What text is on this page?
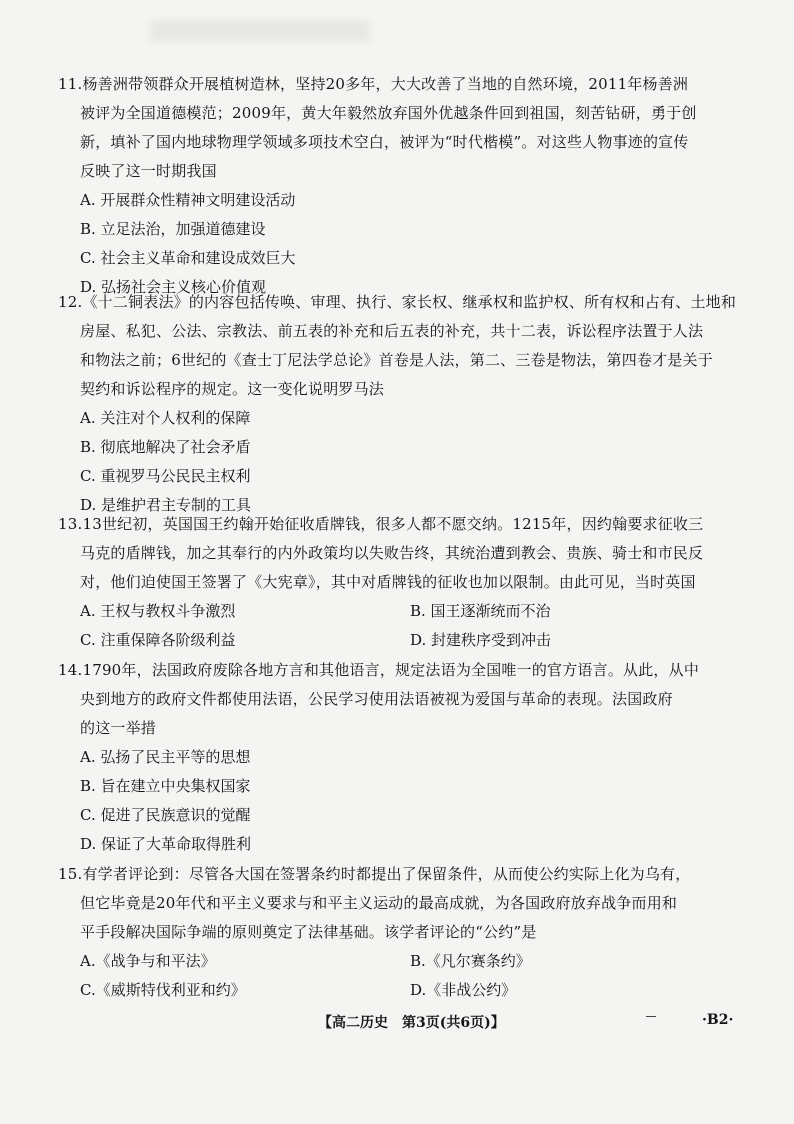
11.杨善洲带领群众开展植树造林，坚持20多年，大大改善了当地的自然环境，2011年杨善洲
被评为全国道德模范；2009年，黄大年毅然放弃国外优越条件回到祖国，刻苦钻研，勇于创
新，填补了国内地球物理学领域多项技术空白，被评为“时代楷模”。对这些人物事迹的宣传
反映了这一时期我国
A. 开展群众性精神文明建设活动
B. 立足法治，加强道德建设
C. 社会主义革命和建设成效巨大
D. 弘扬社会主义核心价值观
12.《十二铜表法》的内容包括传唤、审理、执行、家长权、继承权和监护权、所有权和占有、土地和
房屋、私犯、公法、宗教法、前五表的补充和后五表的补充，共十二表，诉讼程序法置于人法
和物法之前；6世纪的《查士丁尼法学总论》首卷是人法，第二、三卷是物法，第四卷才是关于
契约和诉讼程序的规定。这一变化说明罗马法
A. 关注对个人权利的保障
B. 彻底地解决了社会矛盾
C. 重视罗马公民民主权利
D. 是维护君主专制的工具
13.13世纪初，英国国王约翰开始征收盾牌钱，很多人都不愿交纳。1215年，因约翰要求征收三
马克的盾牌钱，加之其奉行的内外政策均以失败告终，其统治遭到教会、贵族、骑士和市民反
对，他们迫使国王签署了《大宪章》，其中对盾牌钱的征收也加以限制。由此可见，当时英国
A. 王权与教权斗争激烈	B. 国王逐渐统而不治
C. 注重保障各阶级利益	D. 封建秩序受到冲击
14.1790年，法国政府废除各地方言和其他语言，规定法语为全国唯一的官方语言。从此，从中
央到地方的政府文件都使用法语，公民学习使用法语被视为爱国与革命的表现。法国政府
的这一举措
A. 弘扬了民主平等的思想
B. 旨在建立中央集权国家
C. 促进了民族意识的觉醒
D. 保证了大革命取得胜利
15.有学者评论到：尽管各大国在签署条约时都提出了保留条件，从而使公约实际上化为乌有，
但它毕竟是20年代和平主义要求与和平主义运动的最高成就，为各国政府放弃战争而用和
平手段解决国际争端的原则奠定了法律基础。该学者评论的“公约”是
A.《战争与和平法》	B.《凡尔赛条约》
C.《威斯特伐利亚和约》	D.《非战公约》
【高二历史　第3页(共6页)】	·B2·
